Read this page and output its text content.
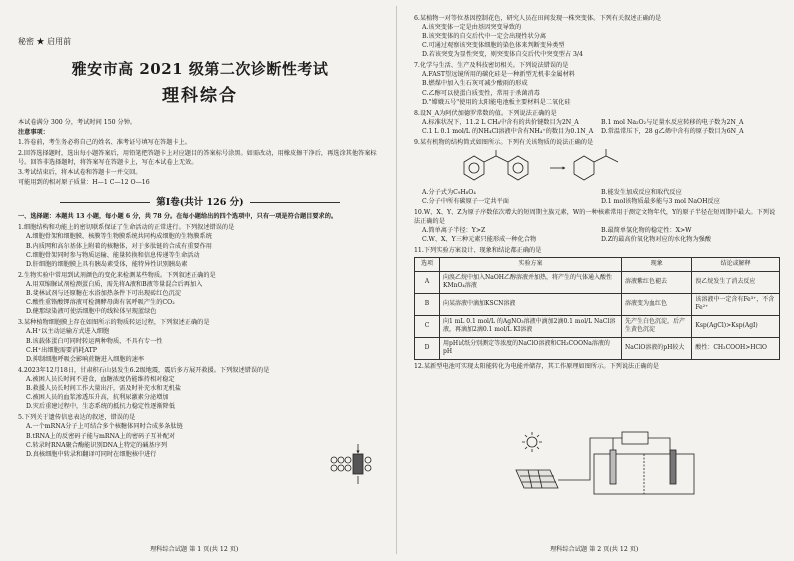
秘密 ★ 启用前
雅安市高 2021 级第二次诊断性考试
理科综合
本试卷满分 300 分，考试时间 150 分钟。
注意事项：
1.答卷前，考生务必将自己的姓名、准考证号填写在答题卡上。
2.回答选择题时，选出每小题答案后，用铅笔把答题卡上对应题目的答案标号涂黑。如需改动，用橡皮擦干净后，再选涂其他答案标号。回答非选择题时，将答案写在答题卡上，写在本试卷上无效。
3.考试结束后，将本试卷和答题卡一并交回。
可能用到的相对原子质量：H—1 C—12 O—16
第Ⅰ卷(共计 126 分)
一、选择题：本题共 13 小题，每小题 6 分，共 78 分。在每小题给出的四个选项中，只有一项是符合题目要求的。
1.细胞结构和功能上的密切联系保证了生命活动的正常进行。下列叙述错误的是
A.细胞骨架和细胞膜、核膜等生物膜系统共同构成细胞的生物膜系统
B.内质网和高尔基体上附着的核糖体，对于多肽链的合成有重要作用
C.细胞骨架同时参与物质运输、能量转换和信息传递等生命活动
D.肝细胞的细胞膜上具有胰岛素受体，能特异性识别胰岛素
2.生物实验中常用到试剂颜色的变化来检测某些物质。下列叙述正确的是
A.用双缩脲试剂检测蛋白质，需先将A液和B液等量混合后再加入
B.斐林试剂与还原糖在水浴加热条件下可出现砖红色沉淀
C.酸性重铬酸钾溶液可检测酵母菌有氧呼吸产生的CO₂
D.健那绿染液可使活细胞中的线粒体呈现蓝绿色
3.某种植物细胞膜上存在如图所示的物质转运过程，下列叙述正确的是
A.H⁺以主动运输方式进入细胞
B.该载体蛋白可同时转运两种物质，不具有专一性
C.H⁺出细胞需要消耗ATP
D.抑制细胞呼吸会影响蔗糖进入细胞的速率
4.2023年12月18日，甘肃积石山县发生6.2级地震，震后多方展开救援。下列叙述错误的是
A.被困人员长时间不进食，血糖浓度仍能维持相对稳定
B.救援人员长时间工作大量出汗，需及时补充水和无机盐
C.被困人员的血浆渗透压升高，抗利尿激素分泌增加
D.灾后重建过程中，生态系统的抵抗力稳定性逐渐降低
5.下列关于遗传信息表达的叙述，错误的是
A.一个mRNA分子上可结合多个核糖体同时合成多条肽链
B.tRNA上的反密码子能与mRNA上的密码子互补配对
C.转录时RNA聚合酶能识别DNA上特定的碱基序列
D.真核细胞中转录和翻译可同时在细胞核中进行
理科综合试题 第 1 页(共 12 页)
6.某植物一对等位基因控制花色，研究人员在田间发现一株突变体。下列有关叙述正确的是
A.该突变体一定是由基因突变导致的
B.该突变体的自交后代中一定会出现性状分离
C.可通过观察该突变体细胞的染色体来判断变异类型
D.若该突变为显性突变，则突变体自交后代中突变型占 3/4
7.化学与生活、生产及科技密切相关。下列说法错误的是
A.FAST望远镜所用的碳化硅是一种新型无机非金属材料
B.燃煤中加入生石灰可减少酸雨的形成
C.乙醇可以使蛋白质变性，常用于杀菌消毒
D."嫦娥五号"使用的太阳能电池板主要材料是二氧化硅
8.设N_A为阿伏加德罗常数的值。下列说法正确的是
A.标准状况下，11.2 L CH₄中含有的共价键数目为2N_A	B.1 mol Na₂O₂与足量水反应转移的电子数为2N_A
C.1 L 0.1 mol/L 的NH₄Cl溶液中含有NH₄⁺的数目为0.1N_A	D.常温常压下，28 g乙烯中含有的原子数目为6N_A
9.某有机物的结构简式如图所示。下列有关该物质的说法正确的是
A.分子式为C₉H₈O₄	B.能发生加成反应和取代反应
C.分子中所有碳原子一定共平面	D.1 mol该物质最多能与3 mol NaOH反应
10.W、X、Y、Z为原子序数依次增大的短周期主族元素，W的一种核素常用于测定文物年代，Y的原子半径在短周期中最大。下列说法正确的是
A.简单离子半径：Y>Z	B.最简单氢化物的稳定性：X>W
C.W、X、Y三种元素只能形成一种化合物	D.Z的最高价氧化物对应的水化物为强酸
11.下列实验方案设计、现象和结论都正确的是
选项	实验方案	现象	结论或解释
A	向溴乙烷中加入NaOH乙醇溶液并加热，将产生的气体通入酸性KMnO₄溶液	溶液紫红色褪去	溴乙烷发生了消去反应
B	向某溶液中滴加KSCN溶液	溶液变为血红色	该溶液中一定含有Fe³⁺，不含Fe²⁺
C	向1 mL 0.1 mol/L 的AgNO₃溶液中滴加2滴0.1 mol/L NaCl溶液，再滴加2滴0.1 mol/L KI溶液	先产生白色沉淀，后产生黄色沉淀	Ksp(AgCl)>Ksp(AgI)
D	用pH试纸分别测定等浓度的NaClO溶液和CH₃COONa溶液的pH	NaClO溶液的pH较大	酸性：CH₃COOH>HClO
12.某新型电池可实现太阳能转化为电能并储存，其工作原理如图所示。下列说法正确的是
理科综合试题 第 2 页(共 12 页)
